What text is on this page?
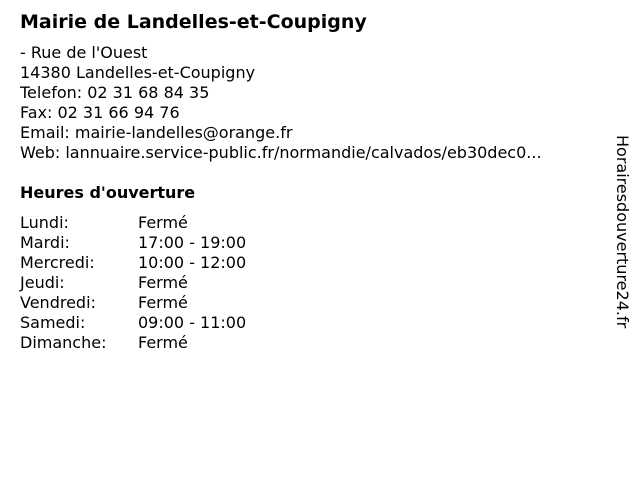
Mairie de Landelles-et-Coupigny
- Rue de l'Ouest
14380 Landelles-et-Coupigny
Telefon: 02 31 68 84 35
Fax: 02 31 66 94 76
Email: mairie-landelles@orange.fr
Web: lannuaire.service-public.fr/normandie/calvados/eb30dec0...
Heures d'ouverture
Lundi:	Fermé
Mardi:	17:00 - 19:00
Mercredi:	10:00 - 12:00
Jeudi:	Fermé
Vendredi:	Fermé
Samedi:	09:00 - 11:00
Dimanche:	Fermé
Horairesdouverture24.fr
